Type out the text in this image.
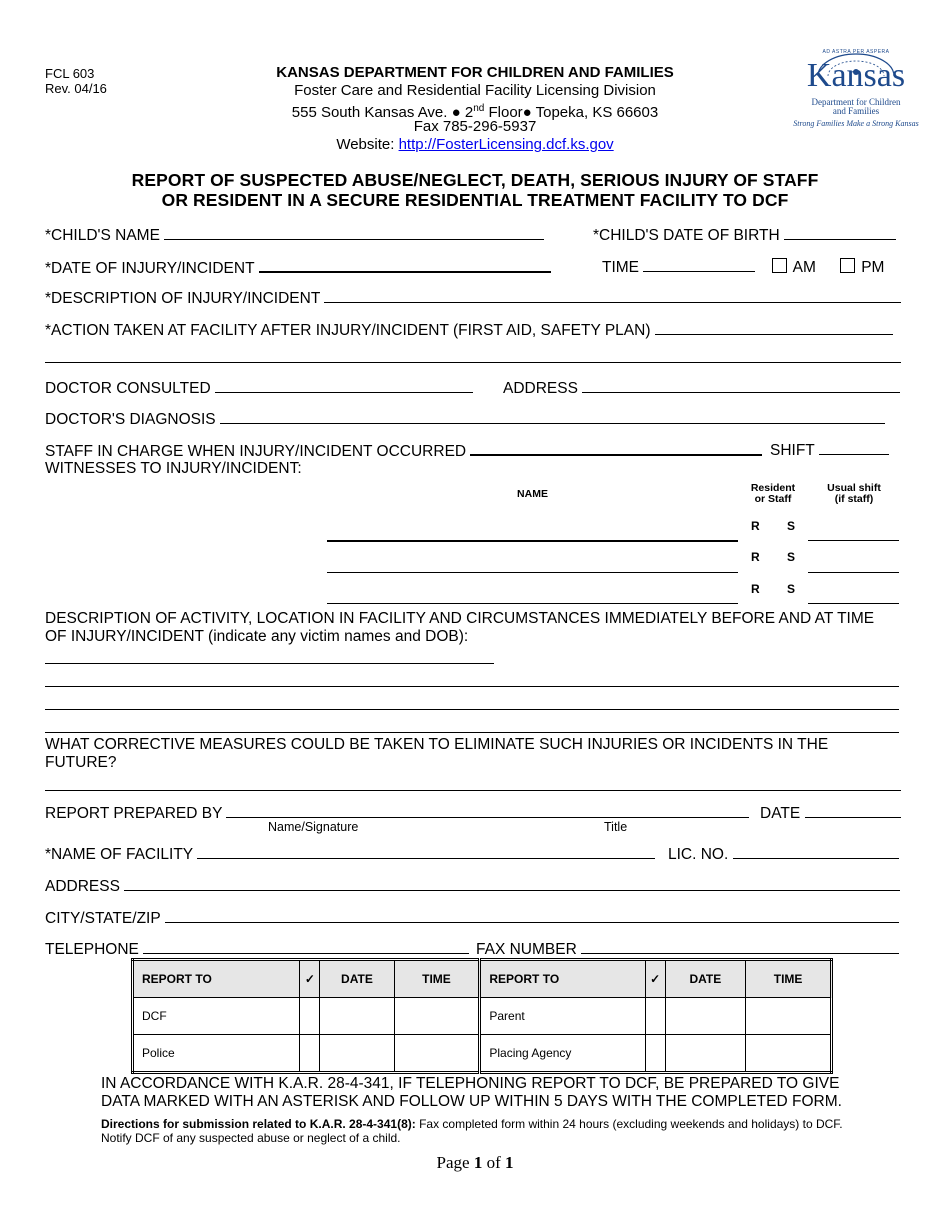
FCL 603
Rev. 04/16
KANSAS DEPARTMENT FOR CHILDREN AND FAMILIES
Foster Care and Residential Facility Licensing Division
555 South Kansas Ave. ● 2nd Floor● Topeka, KS 66603
Fax 785-296-5937
Website: http://FosterLicensing.dcf.ks.gov
AD ASTRA PER ASPERA
Kansas
Department for Children
and Families
Strong Families Make a Strong Kansas
REPORT OF SUSPECTED ABUSE/NEGLECT, DEATH, SERIOUS INJURY OF STAFF
OR RESIDENT IN A SECURE RESIDENTIAL TREATMENT FACILITY TO DCF
*CHILD'S NAME	*CHILD'S DATE OF BIRTH
*DATE OF INJURY/INCIDENT	TIME	AM	PM
*DESCRIPTION OF INJURY/INCIDENT
*ACTION TAKEN AT FACILITY AFTER INJURY/INCIDENT (FIRST AID, SAFETY PLAN)
DOCTOR CONSULTED	ADDRESS
DOCTOR'S DIAGNOSIS
STAFF IN CHARGE WHEN INJURY/INCIDENT OCCURRED	SHIFT
WITNESSES TO INJURY/INCIDENT:
NAME	Resident
or Staff
Usual shift
(if staff)
R S
R S
R S
DESCRIPTION OF ACTIVITY, LOCATION IN FACILITY AND CIRCUMSTANCES IMMEDIATELY BEFORE AND AT TIME
OF INJURY/INCIDENT (indicate any victim names and DOB):
WHAT CORRECTIVE MEASURES COULD BE TAKEN TO ELIMINATE SUCH INJURIES OR INCIDENTS IN THE
FUTURE?
REPORT PREPARED BY	DATE
Name/Signature	Title
*NAME OF FACILITY	LIC. NO.
ADDRESS
CITY/STATE/ZIP
TELEPHONE	FAX NUMBER
REPORT TO	✓	DATE	TIME	REPORT TO	✓	DATE	TIME
DCF				Parent			
Police				Placing Agency			
IN ACCORDANCE WITH K.A.R. 28-4-341, IF TELEPHONING REPORT TO DCF, BE PREPARED TO GIVE
DATA MARKED WITH AN ASTERISK AND FOLLOW UP WITHIN 5 DAYS WITH THE COMPLETED FORM.
Directions for submission related to K.A.R. 28-4-341(8): Fax completed form within 24 hours (excluding weekends and holidays) to DCF.
Notify DCF of any suspected abuse or neglect of a child.
Page 1 of 1
